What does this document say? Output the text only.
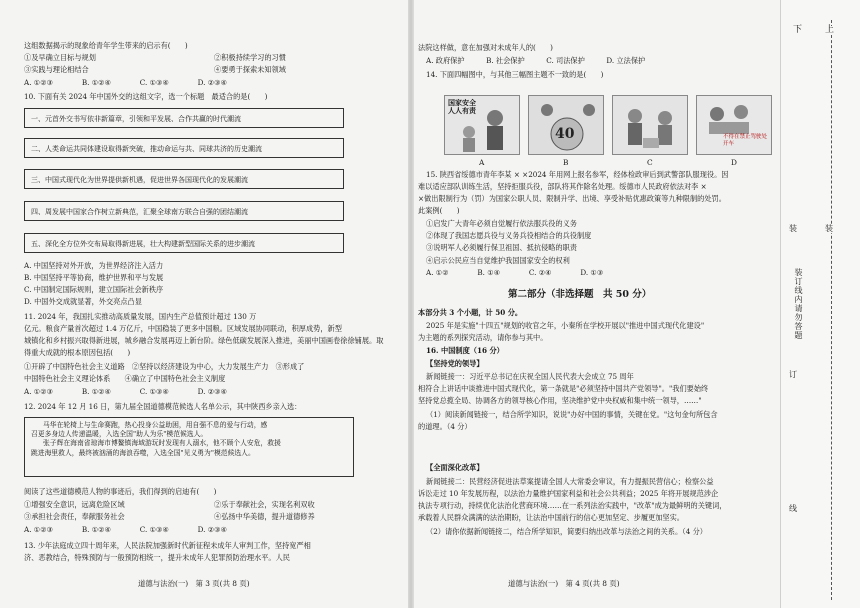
这组数据揭示的现象给青年学生带来的启示有(　　)
①及早确立目标与规划	②积极持续学习的习惯
③实践与理论相结合	④要勇于探索未知领域
A. ①②③　　　　B. ①②④　　　　C. ①③④　　　　D. ②③④
10. 下面有关 2024 年中国外交的这组文字，选一个标题　最适合的是(　　)
一、元首外交书写依非新篇章，引领和平发展、合作共赢的时代潮流
二、人类命运共同体建设取得新突破，推动命运与共、同球共济的历史潮流
三、中国式现代化为世界提供新机遇，促进世界各国现代化的发展潮流
四、周发展中国家合作树立新典范，汇聚全球南方联合自强的团结潮流
五、深化全方位外交布局取得新进展，壮大构建新型国际关系的进步潮流
A. 中国坚持对外开放，为世界经济注入活力
B. 中国坚持平等协商，维护世界和平与发展
C. 中国制定国际规则，建立国际社会新秩序
D. 中国外交成就显著，外交亮点凸显
11. 2024 年，我国扎实推动高质量发展，国内生产总值预计超过 130 万
亿元。粮食产量首次超过 1.4 万亿斤，中国稳装了更多中国粮。区域发展协同联动，积厚成势，新型
城镇化和乡村振兴取得新进展，城乡融合发展再迈上新台阶。绿色低碳发展深入推进，美丽中国画卷徐徐铺展。取
得重大成就的根本原因包括(　　)
①开辟了中国特色社会主义道路　②坚持以经济建设为中心，大力发展生产力　③形成了
中国特色社会主义理论体系　　④确立了中国特色社会主义制度
A. ①②③　　　　B. ①②④　　　　C. ①③④　　　　D. ②③④
12. 2024 年 12 月 16 日，第九届全国道德模范候选人名单公示，其中陕西乡亲入选：
马华在轮椅上与生命赛跑，热心投身公益助困，用自强不息的爱与行动，感
召更多身边人传递温暖，入选全国"助人为乐"模范候选人。
张子辉在海南省琼海市博鳌镇海域游玩时发现有人溺水，他不顾个人安危，救援
跳进海里救人，最终被汹涌的海浪吞噬，入选全国"见义勇为"模范候选人。
阅读了这些道德模范人物的事迹后，我们得到的启迪有(　　)
①增强安全意识，远离危险区域	②乐于奉献社会，实现名利双收
③承担社会责任，奉献服务社会	④弘扬中华美德，提升道德修养
A. ①②③　　　　B. ①②④　　　　C. ①③④　　　　D. ②③④
13. 少年法庭成立四十周年来，人民法院加强新时代新征程未成年人审判工作，坚持宽严相
济、恶教结合，特殊预防与一般预防相统一，提升未成年人犯罪预防治理水平。人民
道德与法治(一)　第 3 页(共 8 页)
法院这样做，意在加强对未成年人的(　　)
A. 政府保护　　　B. 社会保护　　　C. 司法保护　　　D. 立法保护
14. 下面四幅图中，与其他三幅图主题不一致的是(　　)
国家安全人人有责
40	不得在禁止驾驶处开车
A	B	C	D
15. 陕西省绥德市青年李某 × ×2024 年用网上报名参军，经体检政审后到武警部队服现役。因
难以适应部队训练生活，坚持拒服兵役，部队将其作除名处理。绥德市人民政府依法对李 ×
×做出限制行为（罚）为国家公职人员、限制升学、出境、享受补贴优惠政策等九种限制的处罚。
此案例(　　)
①启发广大青年必须自觉履行依法服兵役的义务
②体现了我国志愿兵役与义务兵役相结合的兵役制度
③说明军人必须履行保卫祖国、抵抗侵略的职责
④启示公民应当自觉维护我国国家安全的权利
A. ①②　　　　B. ①④　　　　C. ②④　　　　D. ①③
第二部分（非选择题　共 50 分）
本部分共 3 个小题，计 50 分。
2025 年是实施"十四五"规划的收官之年，小秦所在学校开展以"推进中国式现代化建设"
为主题的系列探究活动，请你参与其中。
16. 中国制度（16 分）
【坚持党的领导】
新闻链接一：习近平总书记在庆祝全国人民代表大会成立 75 周年
相符合上讲话中谈推进中国式现代化，第一条就是"必须坚持中国共产党领导"。"我们要始终
坚持党总揽全局、协调各方的领导核心作用，坚决维护党中央权威和集中统一领导，……"
（1）阅读新闻链接一，结合所学知识，说说"办好中国的事情，关键在党。"这句金句所包含
的道理。（4 分）
【全面深化改革】
新闻链接二：民营经济促进法草案提请全国人大常委会审议，有力提振民营信心；检察公益
诉讼走过 10 年发展历程，以法治力量维护国家利益和社会公共利益；2025 年将开展规范涉企
执法专项行动，持续优化法治化营商环境……在一系列法治实践中，"改革"成为最鲜明的关键词，
承载着人民群众满满的法治期盼，让法治中国前行的信心更加坚定、步履更加坚实。
（2）请你依据新闻链接二，结合所学知识，简要归纳出改革与法治之间的关系。（4 分）
道德与法治(一)　第 4 页(共 8 页)
上
下
装
装
装订线内请勿答题
订
线
